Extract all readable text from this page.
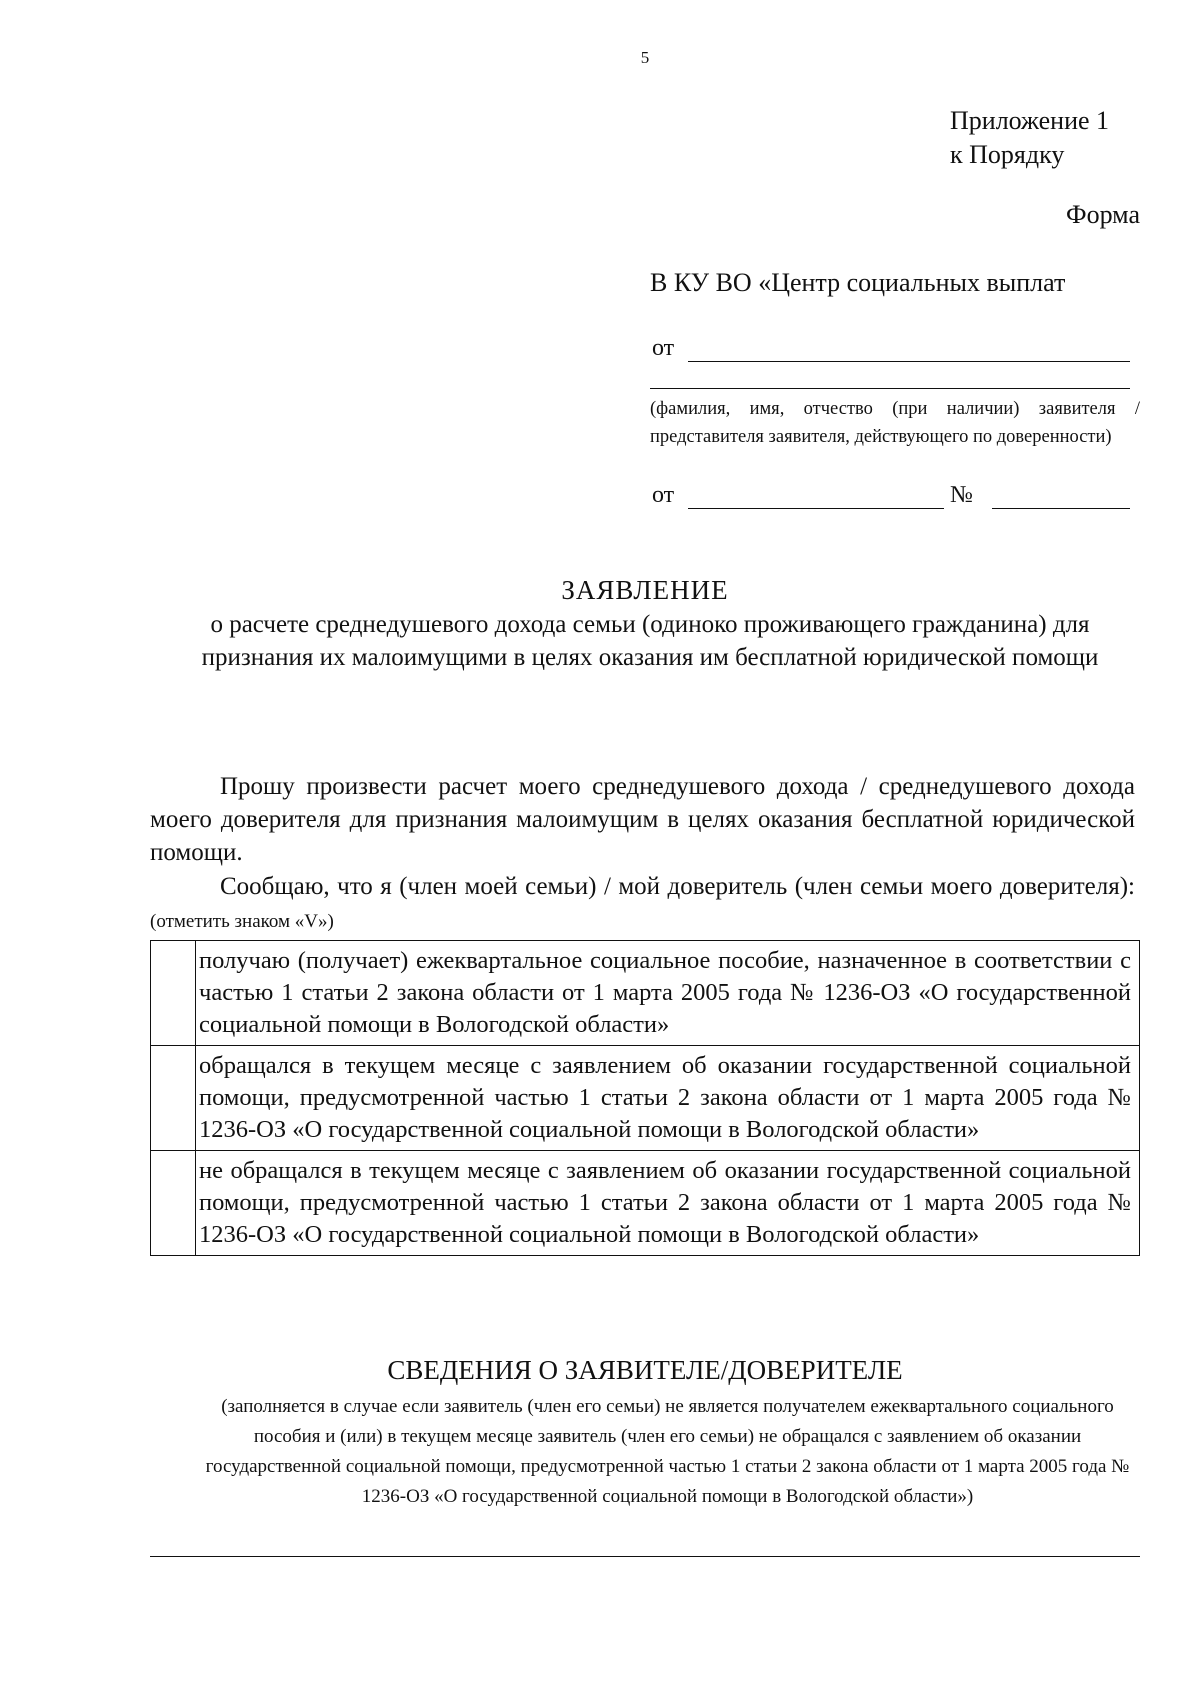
5
Приложение 1
к Порядку
Форма
В КУ ВО «Центр социальных выплат
от
(фамилия, имя, отчество (при наличии) заявителя / представителя заявителя, действующего по доверенности)
от	№
ЗАЯВЛЕНИЕ
о расчете среднедушевого дохода семьи (одиноко проживающего гражданина) для признания их малоимущими в целях оказания им бесплатной юридической помощи
Прошу произвести расчет моего среднедушевого дохода / среднедушевого дохода моего доверителя для признания малоимущим в целях оказания бесплатной юридической помощи.
Сообщаю, что я (член моей семьи) / мой доверитель (член семьи моего доверителя): (отметить знаком «V»)
	получаю (получает) ежеквартальное социальное пособие, назначенное в соответствии с частью 1 статьи 2 закона области от 1 марта 2005 года № 1236-ОЗ «О государственной социальной помощи в Вологодской области»
	обращался в текущем месяце с заявлением об оказании государственной социальной помощи, предусмотренной частью 1 статьи 2 закона области от 1 марта 2005 года № 1236-ОЗ «О государственной социальной помощи в Вологодской области»
	не обращался в текущем месяце с заявлением об оказании государственной социальной помощи, предусмотренной частью 1 статьи 2 закона области от 1 марта 2005 года № 1236-ОЗ «О государственной социальной помощи в Вологодской области»
СВЕДЕНИЯ О ЗАЯВИТЕЛЕ/ДОВЕРИТЕЛЕ
(заполняется в случае если заявитель (член его семьи) не является получателем ежеквартального социального пособия и (или) в текущем месяце заявитель (член его семьи) не обращался с заявлением об оказании государственной социальной помощи, предусмотренной частью 1 статьи 2 закона области от 1 марта 2005 года № 1236-ОЗ «О государственной социальной помощи в Вологодской области»)
